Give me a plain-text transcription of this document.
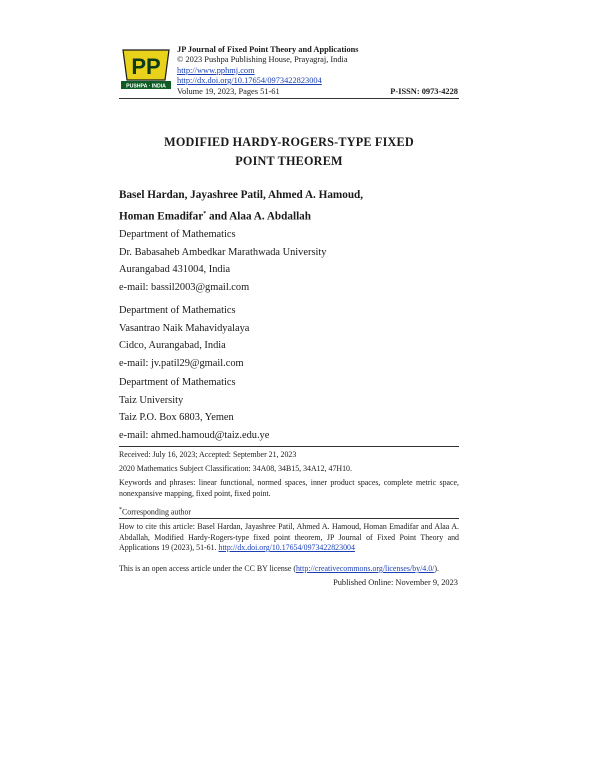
PP
PUSHPA · INDIA
JP Journal of Fixed Point Theory and Applications
© 2023 Pushpa Publishing House, Prayagraj, India
http://www.pphmj.com
http://dx.doi.org/10.17654/0973422823004
Volume 19, 2023, Pages 51-61	P-ISSN: 0973-4228
MODIFIED HARDY-ROGERS-TYPE FIXED
POINT THEOREM
Basel Hardan, Jayashree Patil, Ahmed A. Hamoud,
Homan Emadifar* and Alaa A. Abdallah
Department of Mathematics
Dr. Babasaheb Ambedkar Marathwada University
Aurangabad 431004, India
e-mail: bassil2003@gmail.com
Department of Mathematics
Vasantrao Naik Mahavidyalaya
Cidco, Aurangabad, India
e-mail: jv.patil29@gmail.com
Department of Mathematics
Taiz University
Taiz P.O. Box 6803, Yemen
e-mail: ahmed.hamoud@taiz.edu.ye
Received: July 16, 2023; Accepted: September 21, 2023
2020 Mathematics Subject Classification: 34A08, 34B15, 34A12, 47H10.
Keywords and phrases: linear functional, normed spaces, inner product spaces, complete metric space, nonexpansive mapping, fixed point, fixed point.
*Corresponding author
How to cite this article: Basel Hardan, Jayashree Patil, Ahmed A. Hamoud, Homan Emadifar and Alaa A. Abdallah, Modified Hardy-Rogers-type fixed point theorem, JP Journal of Fixed Point Theory and Applications 19 (2023), 51-61. http://dx.doi.org/10.17654/0973422823004
This is an open access article under the CC BY license (http://creativecommons.org/licenses/by/4.0/).
Published Online: November 9, 2023
